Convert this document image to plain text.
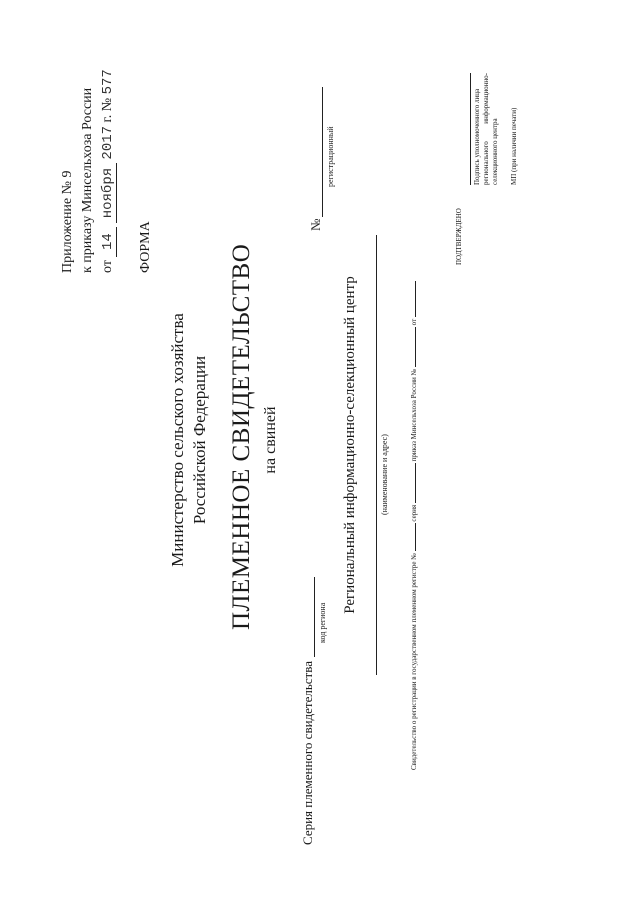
Приложение № 9 к приказу Минсельхоза России от 14 ноября 2017 г. № 577
ФОРМА
Министерство сельского хозяйства Российской Федерации ПЛЕМЕННОЕ СВИДЕТЕЛЬСТВО на свиней
№
регистрационный
Серия племенного свидетельства
код региона
Региональный информационно-селекционный центр	(наименование и адрес)
Свидетельство о регистрации в государственном племенном регистре №  серия  приказ Минсельхоза России №  от
ПОДТВЕРЖДЕНО
Подпись уполномоченного лица регионального  информационно-
селекционного центра МП (при наличии печати)
